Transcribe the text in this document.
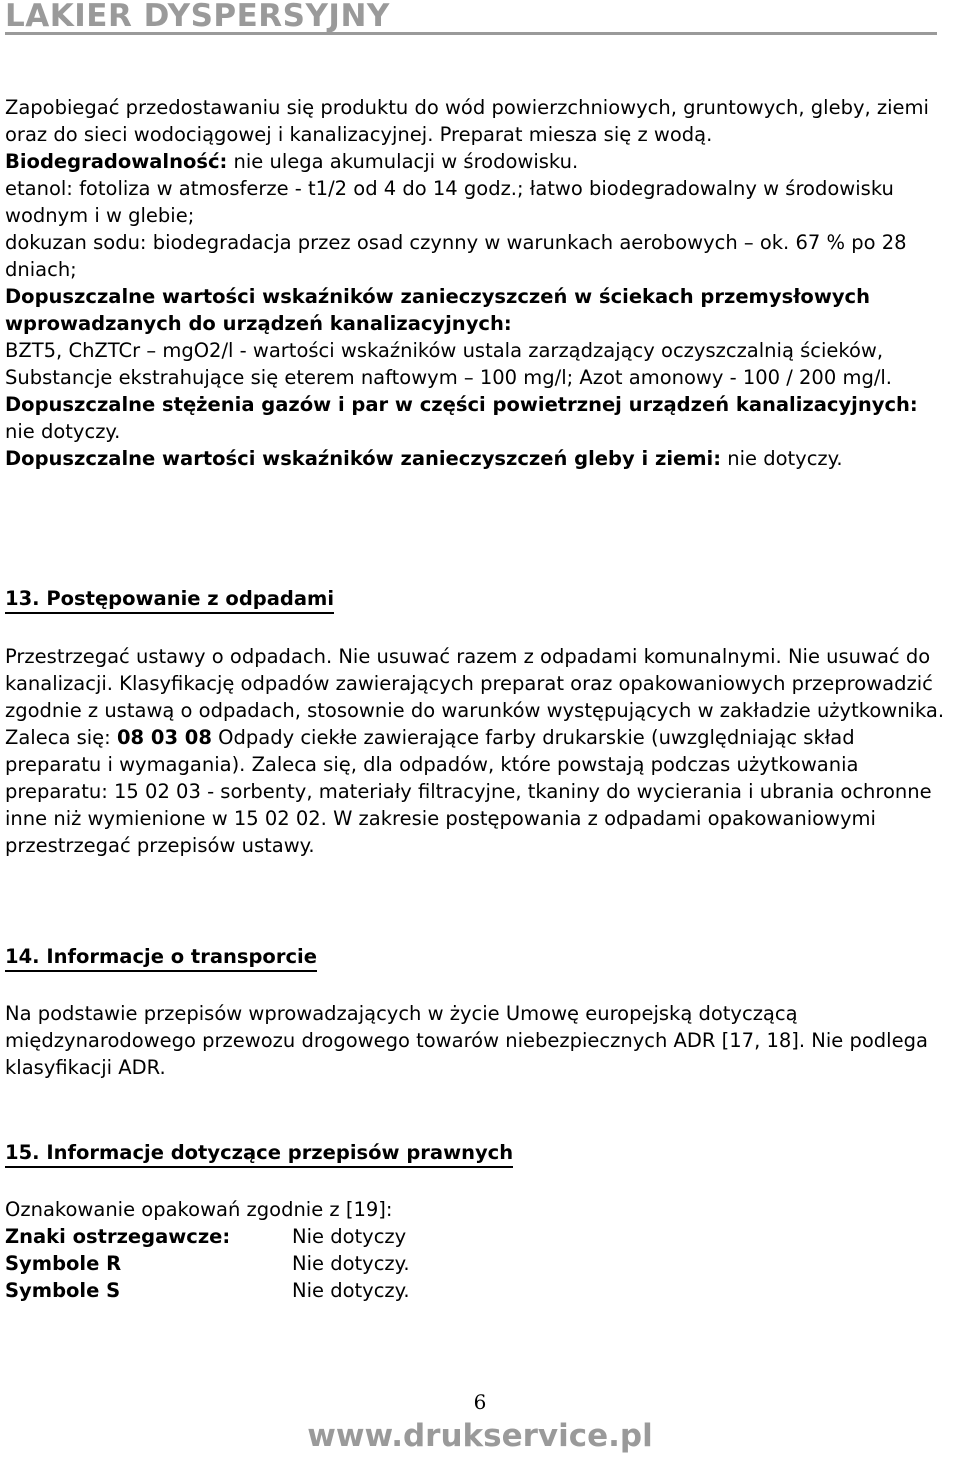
LAKIER DYSPERSYJNY

Zapobiegać przedostawaniu się produktu do wód powierzchniowych, gruntowych, gleby, ziemi oraz do sieci wodociągowej i kanalizacyjnej. Preparat miesza się z wodą.

Biodegradowalność: nie ulega akumulacji w środowisku.

etanol: fotoliza w atmosferze - t1/2 od 4 do 14 godz.; łatwo biodegradowalny w środowisku wodnym i w glebie;

dokuzan sodu: biodegradacja przez osad czynny w warunkach aerobowych – ok. 67 % po 28 dniach;

Dopuszczalne wartości wskaźników zanieczyszczeń w ściekach przemysłowych wprowadzanych do urządzeń kanalizacyjnych:

BZT5, ChZTCr – mgO2/l - wartości wskaźników ustala zarządzający oczyszczalnią ścieków, Substancje ekstrahujące się eterem naftowym – 100 mg/l; Azot amonowy - 100 / 200 mg/l.

Dopuszczalne stężenia gazów i par w części powietrznej urządzeń kanalizacyjnych: nie dotyczy.

Dopuszczalne wartości wskaźników zanieczyszczeń gleby i ziemi: nie dotyczy.

13. Postępowanie z odpadami

Przestrzegać ustawy o odpadach. Nie usuwać razem z odpadami komunalnymi. Nie usuwać do kanalizacji. Klasyfikację odpadów zawierających preparat oraz opakowaniowych przeprowadzić zgodnie z ustawą o odpadach, stosownie do warunków występujących w zakładzie użytkownika. Zaleca się: 08 03 08 Odpady ciekłe zawierające farby drukarskie (uwzględniając skład preparatu i wymagania). Zaleca się, dla odpadów, które powstają podczas użytkowania preparatu: 15 02 03 - sorbenty, materiały filtracyjne, tkaniny do wycierania i ubrania ochronne inne niż wymienione w 15 02 02. W zakresie postępowania z odpadami opakowaniowymi przestrzegać przepisów ustawy.

14. Informacje o transporcie

Na podstawie przepisów wprowadzających w życie Umowę europejską dotyczącą międzynarodowego przewozu drogowego towarów niebezpiecznych ADR [17, 18]. Nie podlega klasyfikacji ADR.

15. Informacje dotyczące przepisów prawnych

Oznakowanie opakowań zgodnie z [19]:

Znaki ostrzegawcze:	Nie dotyczy
Symbole R	Nie dotyczy.
Symbole S	Nie dotyczy.
6
www.drukservice.pl
